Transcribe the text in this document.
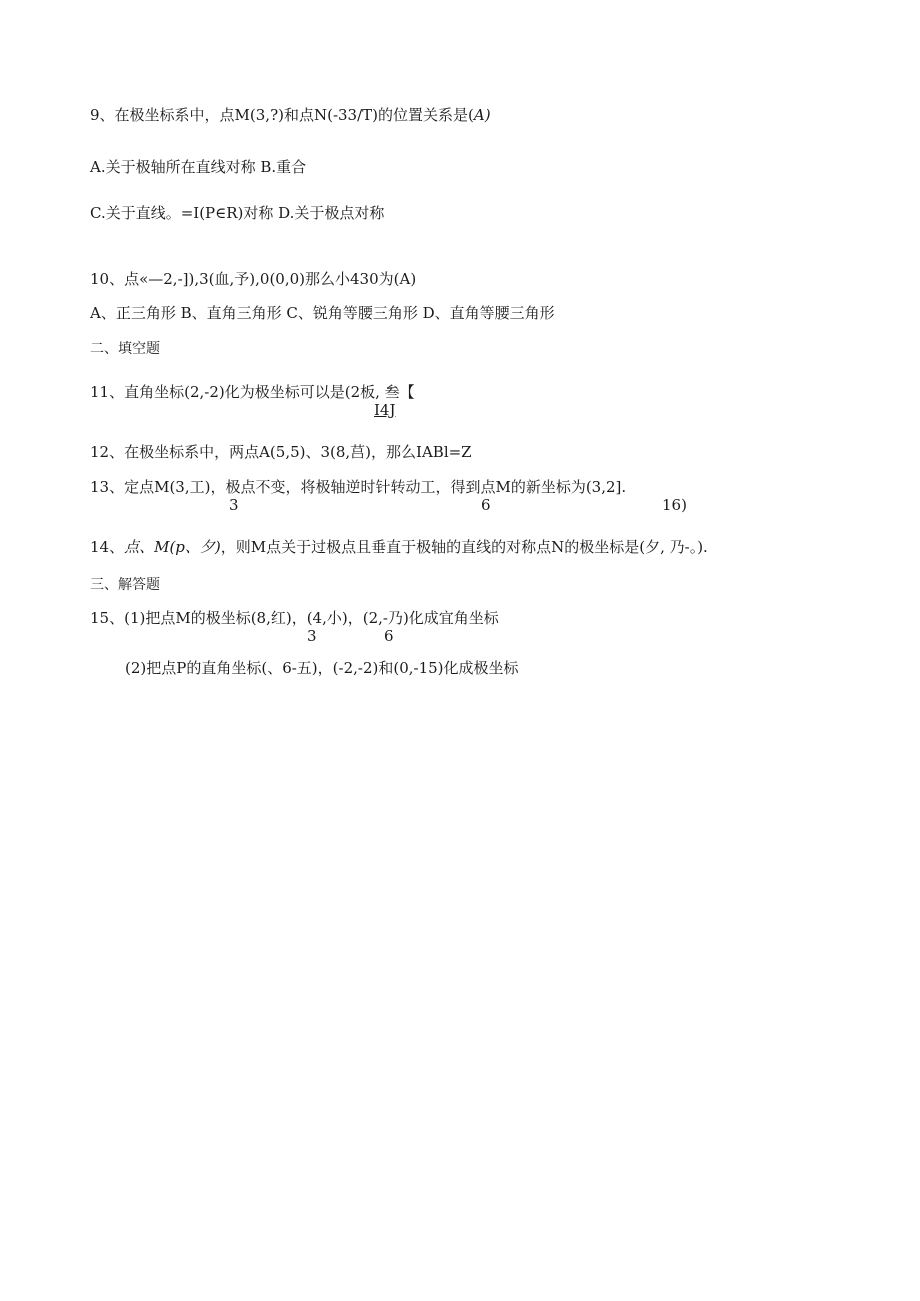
9、在极坐标系中，点M(3,?)和点N(-33∕T)的位置关系是(A)
A.关于极轴所在直线对称 B.重合
C.关于直线。=I(P∈R)对称 D.关于极点对称
10、点«—2,-]),3(血,予),0(0,0)那么小430为(A)
A、正三角形 B、直角三角形 C、锐角等腰三角形 D、直角等腰三角形
二、填空题
11、直角坐标(2,-2)化为极坐标可以是(2板, 叁【
I4J
12、在极坐标系中，两点A(5,5)、3(8,莒)，那么IABl=Z
13、定点M(3,工)，极点不变，将极轴逆时针转动工，得到点M的新坐标为(3,2].
3	6	16)
14、点、M(p、夕)，则M点关于过极点且垂直于极轴的直线的对称点N的极坐标是(夕, 乃-。).
三、解答题
15、(1)把点M的极坐标(8,红)，(4,小)，(2,-乃)化成宜角坐标
3	6
(2)把点P的直角坐标(、6-五)，(-2,-2)和(0,-15)化成极坐标
